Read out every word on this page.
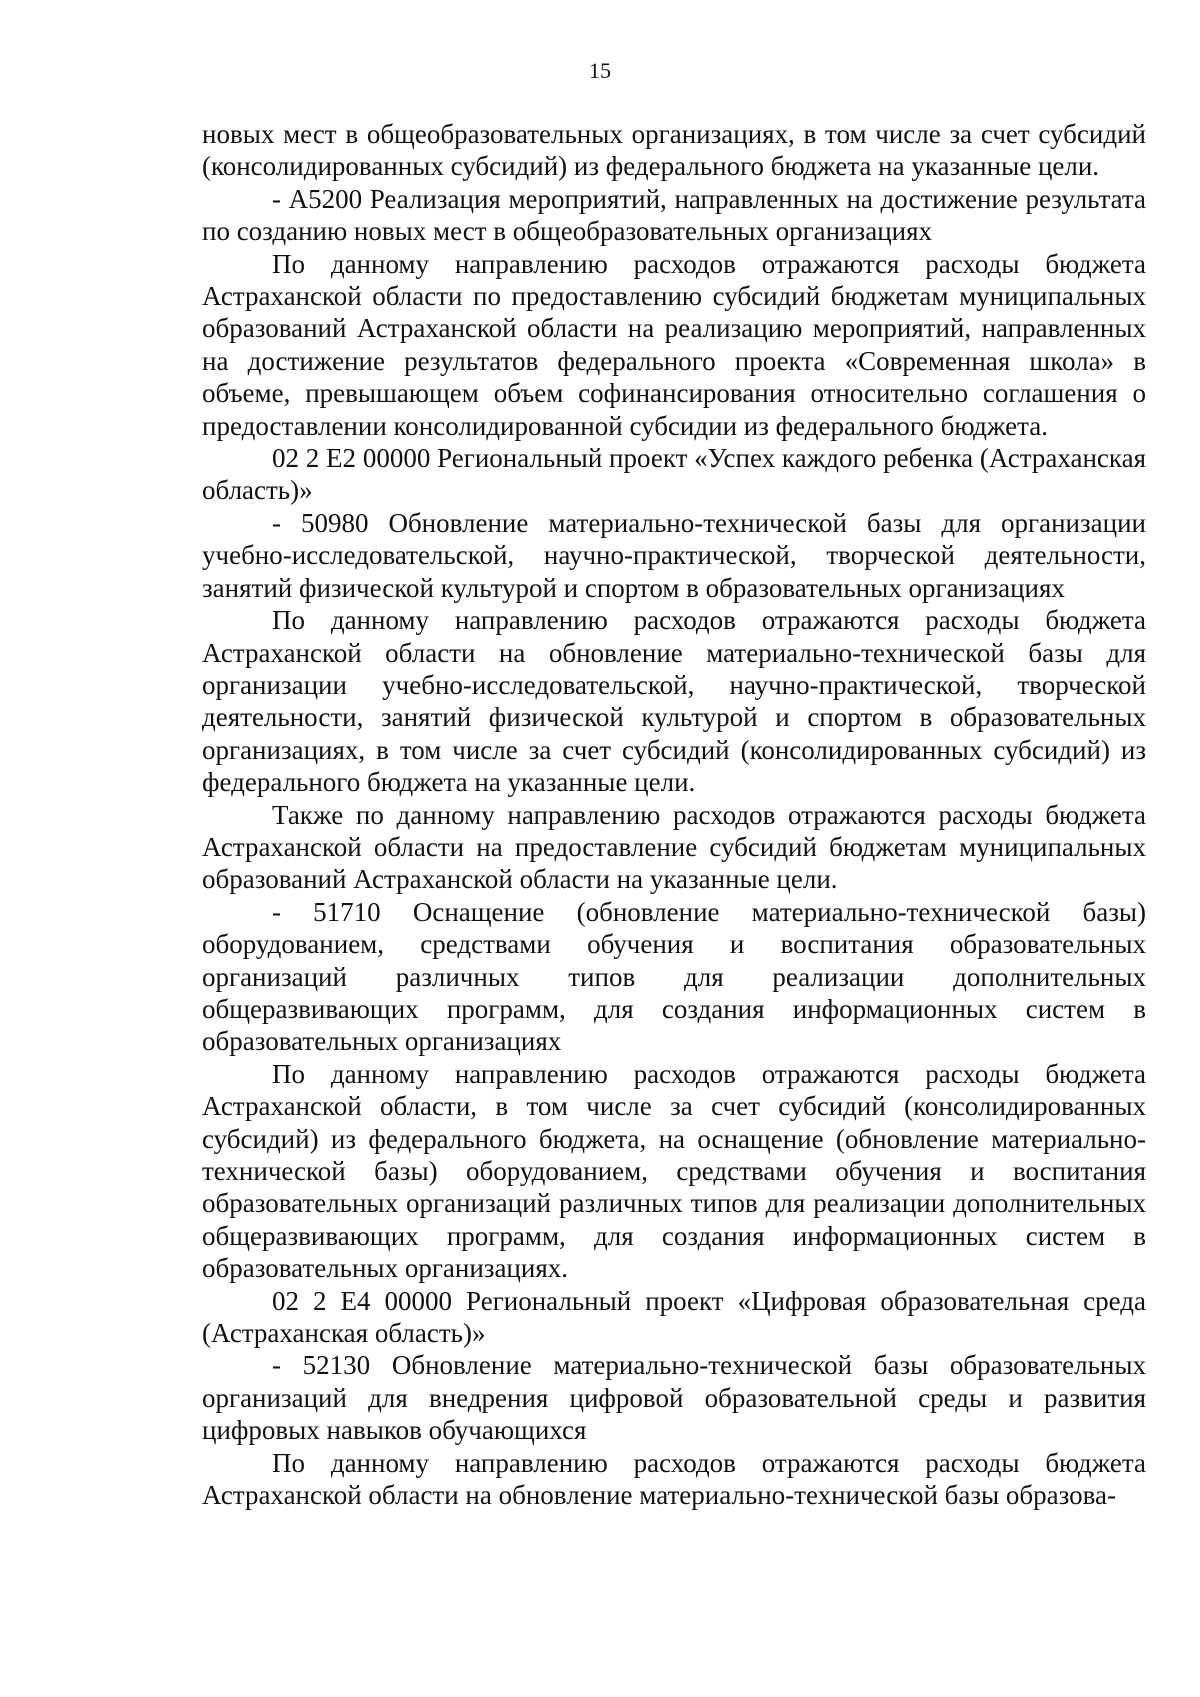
15

новых мест в общеобразовательных организациях, в том числе за счет субсидий (консолидированных субсидий) из федерального бюджета на указанные цели.

- А5200 Реализация мероприятий, направленных на достижение результата по созданию новых мест в общеобразовательных организациях

По данному направлению расходов отражаются расходы бюджета Астраханской области по предоставлению субсидий бюджетам муниципальных образований Астраханской области на реализацию мероприятий, направленных на достижение результатов федерального проекта «Современная школа» в объеме, превышающем объем софинансирования относительно соглашения о предоставлении консолидированной субсидии из федерального бюджета.

02 2 Е2 00000 Региональный проект «Успех каждого ребенка (Астраханская область)»

- 50980 Обновление материально-технической базы для организации учебно-исследовательской, научно-практической, творческой деятельности, занятий физической культурой и спортом в образовательных организациях

По данному направлению расходов отражаются расходы бюджета Астраханской области на обновление материально-технической базы для организации учебно-исследовательской, научно-практической, творческой деятельности, занятий физической культурой и спортом в образовательных организациях, в том числе за счет субсидий (консолидированных субсидий) из федерального бюджета на указанные цели.

Также по данному направлению расходов отражаются расходы бюджета Астраханской области на предоставление субсидий бюджетам муниципальных образований Астраханской области на указанные цели.

- 51710 Оснащение (обновление материально-технической базы) оборудованием, средствами обучения и воспитания образовательных организаций различных типов для реализации дополнительных общеразвивающих программ, для создания информационных систем в образовательных организациях

По данному направлению расходов отражаются расходы бюджета Астраханской области, в том числе за счет субсидий (консолидированных субсидий) из федерального бюджета, на оснащение (обновление материально-технической базы) оборудованием, средствами обучения и воспитания образовательных организаций различных типов для реализации дополнительных общеразвивающих программ, для создания информационных систем в образовательных организациях.

02 2 Е4 00000 Региональный проект «Цифровая образовательная среда (Астраханская область)»

- 52130 Обновление материально-технической базы образовательных организаций для внедрения цифровой образовательной среды и развития цифровых навыков обучающихся

По данному направлению расходов отражаются расходы бюджета Астраханской области на обновление материально-технической базы образова-
